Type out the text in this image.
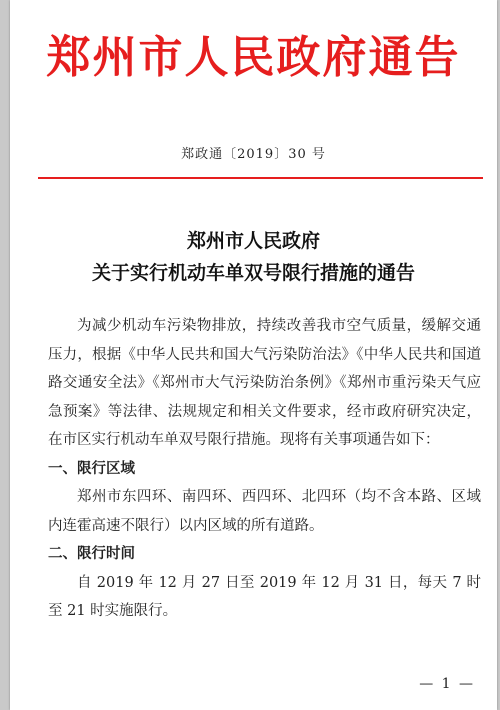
郑州市人民政府通告
郑政通〔2019〕30 号
郑州市人民政府
关于实行机动车单双号限行措施的通告

为减少机动车污染物排放，持续改善我市空气质量，缓解交通压力，根据《中华人民共和国大气污染防治法》《中华人民共和国道路交通安全法》《郑州市大气污染防治条例》《郑州市重污染天气应急预案》等法律、法规规定和相关文件要求，经市政府研究决定，在市区实行机动车单双号限行措施。现将有关事项通告如下：

一、限行区域

郑州市东四环、南四环、西四环、北四环（均不含本路、区域内连霍高速不限行）以内区域的所有道路。

二、限行时间

自 2019 年 12 月 27 日至 2019 年 12 月 31 日，每天 7 时至 21 时实施限行。

— 1 —
